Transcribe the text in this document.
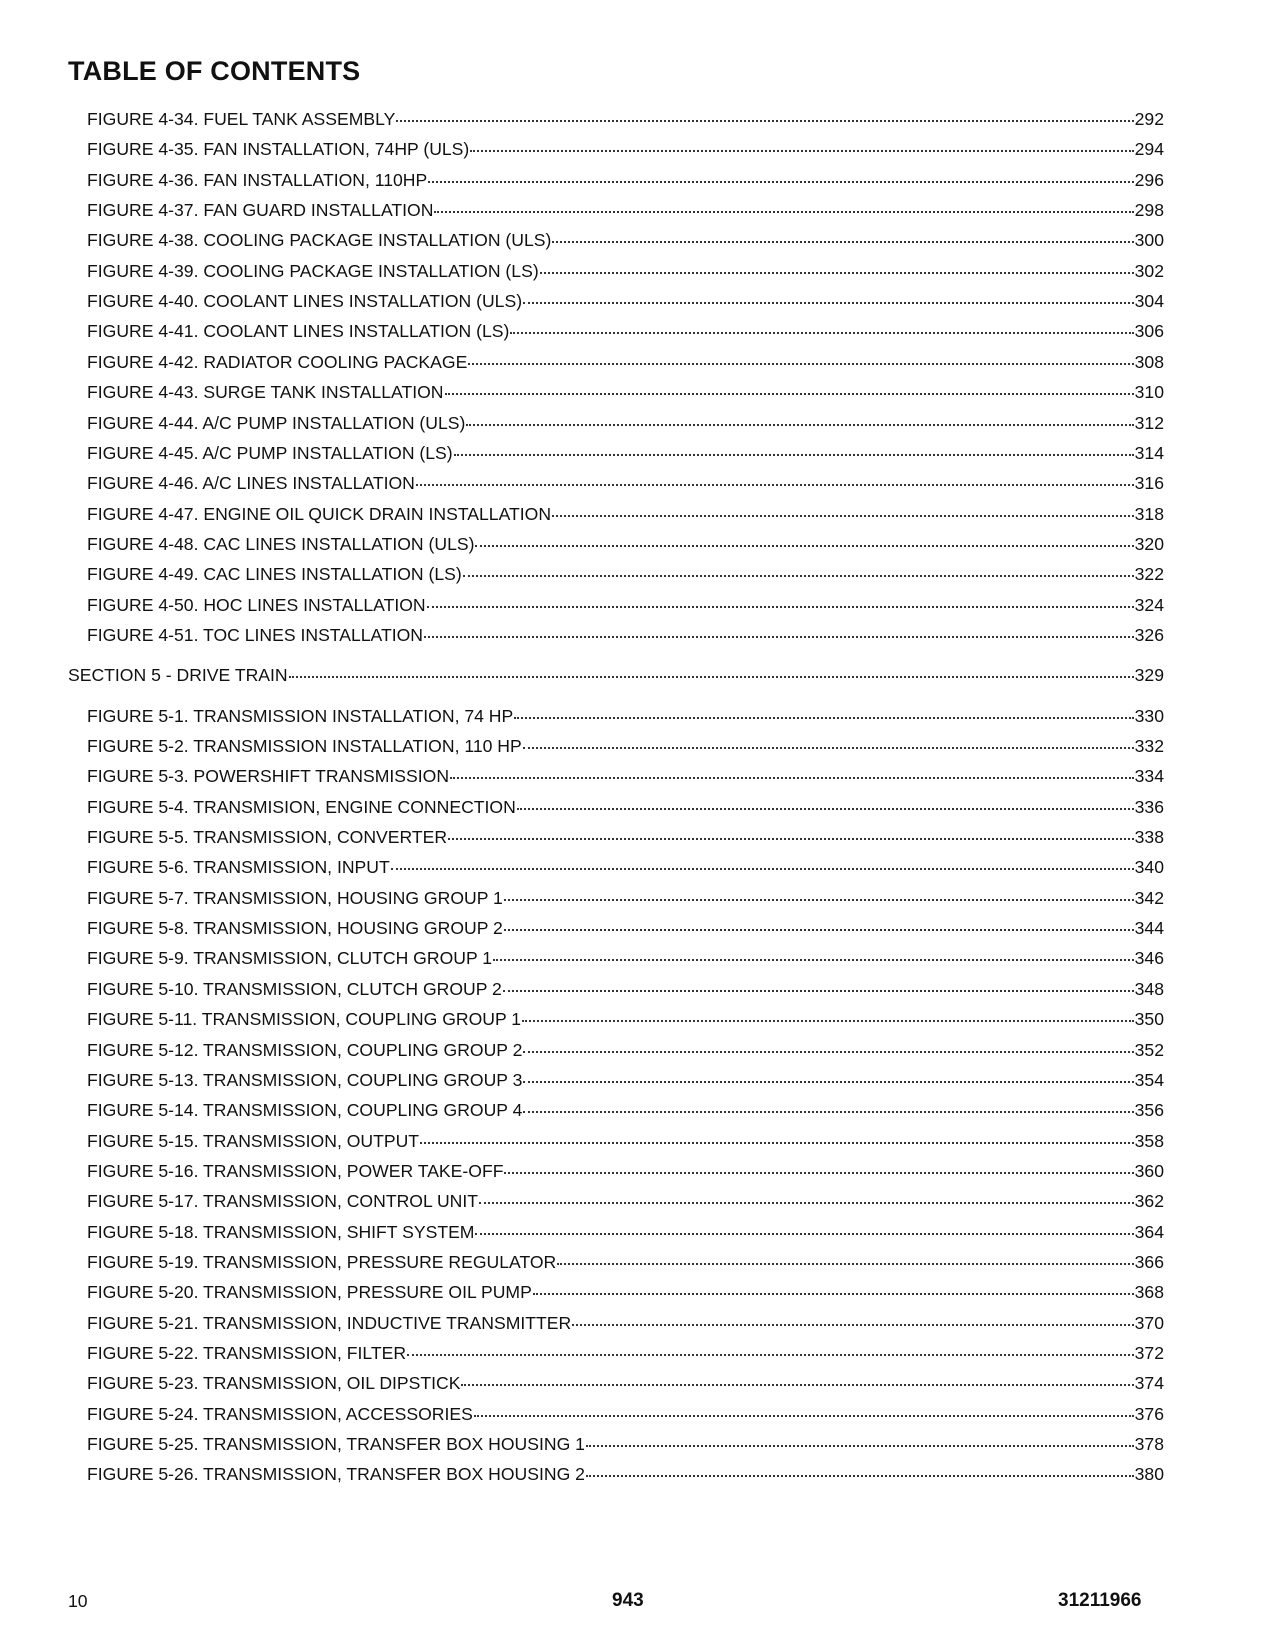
TABLE OF CONTENTS
FIGURE 4-34. FUEL TANK ASSEMBLY	292
FIGURE 4-35. FAN INSTALLATION, 74HP (ULS)	294
FIGURE 4-36. FAN INSTALLATION, 110HP	296
FIGURE 4-37. FAN GUARD INSTALLATION	298
FIGURE 4-38. COOLING PACKAGE INSTALLATION (ULS)	300
FIGURE 4-39. COOLING PACKAGE INSTALLATION (LS)	302
FIGURE 4-40. COOLANT LINES INSTALLATION (ULS)	304
FIGURE 4-41. COOLANT LINES INSTALLATION (LS)	306
FIGURE 4-42. RADIATOR COOLING PACKAGE	308
FIGURE 4-43. SURGE TANK INSTALLATION	310
FIGURE 4-44. A/C PUMP INSTALLATION (ULS)	312
FIGURE 4-45. A/C PUMP INSTALLATION (LS)	314
FIGURE 4-46. A/C LINES INSTALLATION	316
FIGURE 4-47. ENGINE OIL QUICK DRAIN INSTALLATION	318
FIGURE 4-48. CAC LINES INSTALLATION (ULS)	320
FIGURE 4-49. CAC LINES INSTALLATION (LS)	322
FIGURE 4-50. HOC LINES INSTALLATION	324
FIGURE 4-51. TOC LINES INSTALLATION	326
SECTION 5 - DRIVE TRAIN	329
FIGURE 5-1. TRANSMISSION INSTALLATION, 74 HP	330
FIGURE 5-2. TRANSMISSION INSTALLATION, 110 HP	332
FIGURE 5-3. POWERSHIFT TRANSMISSION	334
FIGURE 5-4. TRANSMISION, ENGINE CONNECTION	336
FIGURE 5-5. TRANSMISSION, CONVERTER	338
FIGURE 5-6. TRANSMISSION, INPUT	340
FIGURE 5-7. TRANSMISSION, HOUSING GROUP 1	342
FIGURE 5-8. TRANSMISSION, HOUSING GROUP 2	344
FIGURE 5-9. TRANSMISSION, CLUTCH GROUP 1	346
FIGURE 5-10. TRANSMISSION, CLUTCH GROUP 2	348
FIGURE 5-11. TRANSMISSION, COUPLING GROUP 1	350
FIGURE 5-12. TRANSMISSION, COUPLING GROUP 2	352
FIGURE 5-13. TRANSMISSION, COUPLING GROUP 3	354
FIGURE 5-14. TRANSMISSION, COUPLING GROUP 4	356
FIGURE 5-15. TRANSMISSION, OUTPUT	358
FIGURE 5-16. TRANSMISSION, POWER TAKE-OFF	360
FIGURE 5-17. TRANSMISSION, CONTROL UNIT	362
FIGURE 5-18. TRANSMISSION, SHIFT SYSTEM	364
FIGURE 5-19. TRANSMISSION, PRESSURE REGULATOR	366
FIGURE 5-20. TRANSMISSION, PRESSURE OIL PUMP	368
FIGURE 5-21. TRANSMISSION, INDUCTIVE TRANSMITTER	370
FIGURE 5-22. TRANSMISSION, FILTER	372
FIGURE 5-23. TRANSMISSION, OIL DIPSTICK	374
FIGURE 5-24. TRANSMISSION, ACCESSORIES	376
FIGURE 5-25. TRANSMISSION, TRANSFER BOX HOUSING 1	378
FIGURE 5-26. TRANSMISSION, TRANSFER BOX HOUSING 2	380
10	943	31211966
